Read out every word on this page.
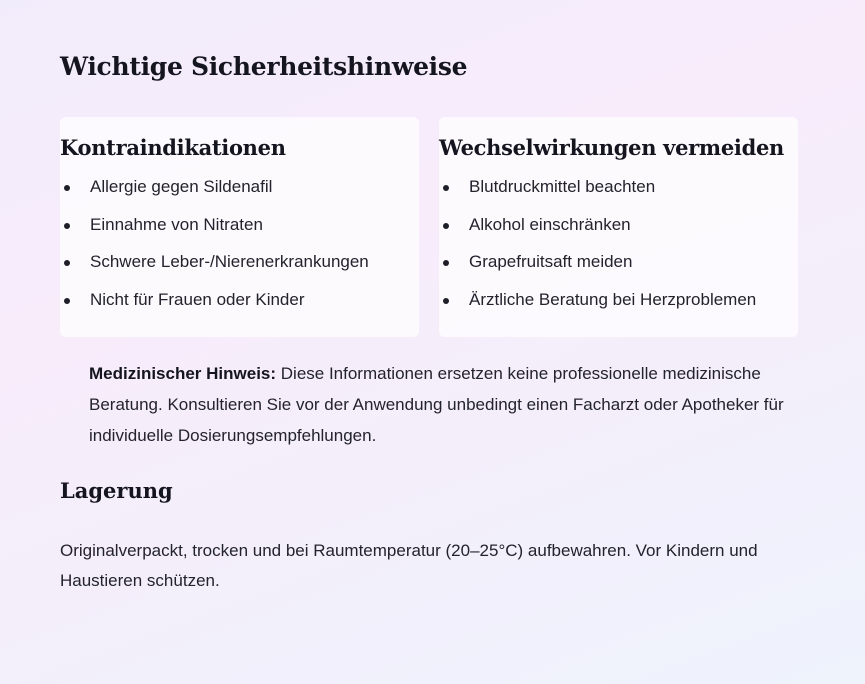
Wichtige Sicherheitshinweise
Kontraindikationen
Allergie gegen Sildenafil
Einnahme von Nitraten
Schwere Leber-/Nierenerkrankungen
Nicht für Frauen oder Kinder
Wechselwirkungen vermeiden
Blutdruckmittel beachten
Alkohol einschränken
Grapefruitsaft meiden
Ärztliche Beratung bei Herzproblemen

Medizinischer Hinweis: Diese Informationen ersetzen keine professionelle medizinische Beratung. Konsultieren Sie vor der Anwendung unbedingt einen Facharzt oder Apotheker für individuelle Dosierungsempfehlungen.

Lagerung

Originalverpackt, trocken und bei Raumtemperatur (20–25°C) aufbewahren. Vor Kindern und Haustieren schützen.
